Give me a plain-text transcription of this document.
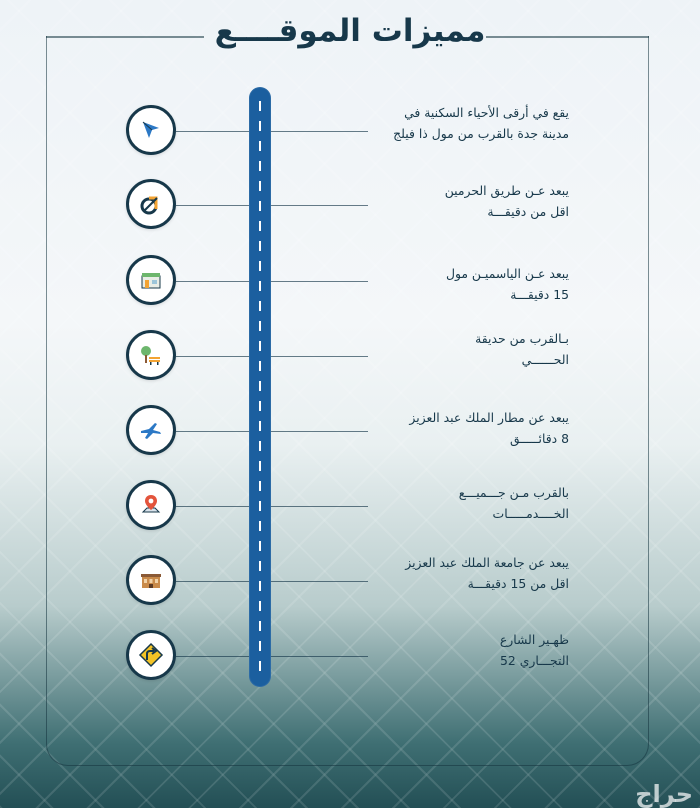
مميزات الموقــــع
يقع في أرقى الأحياء السكنية في
مدينة جدة بالقرب من مول ذا فيلج
يبعد عـن طريق الحرمين
اقل من دقيقـــة
يبعد عـن الياسميـن مول
15 دقيقـــة
بـالقرب من حديقة
الحــــــي
يبعد عن مطار الملك عبد العزيز
8 دقائـــــق
بالقرب مـن جـــميـــع
الخــــدمـــــات
يبعد عن جامعة الملك عبد العزيز
اقل من 15 دقيقـــة
ظهـير الشارع
التجـــاري 52
حراج
